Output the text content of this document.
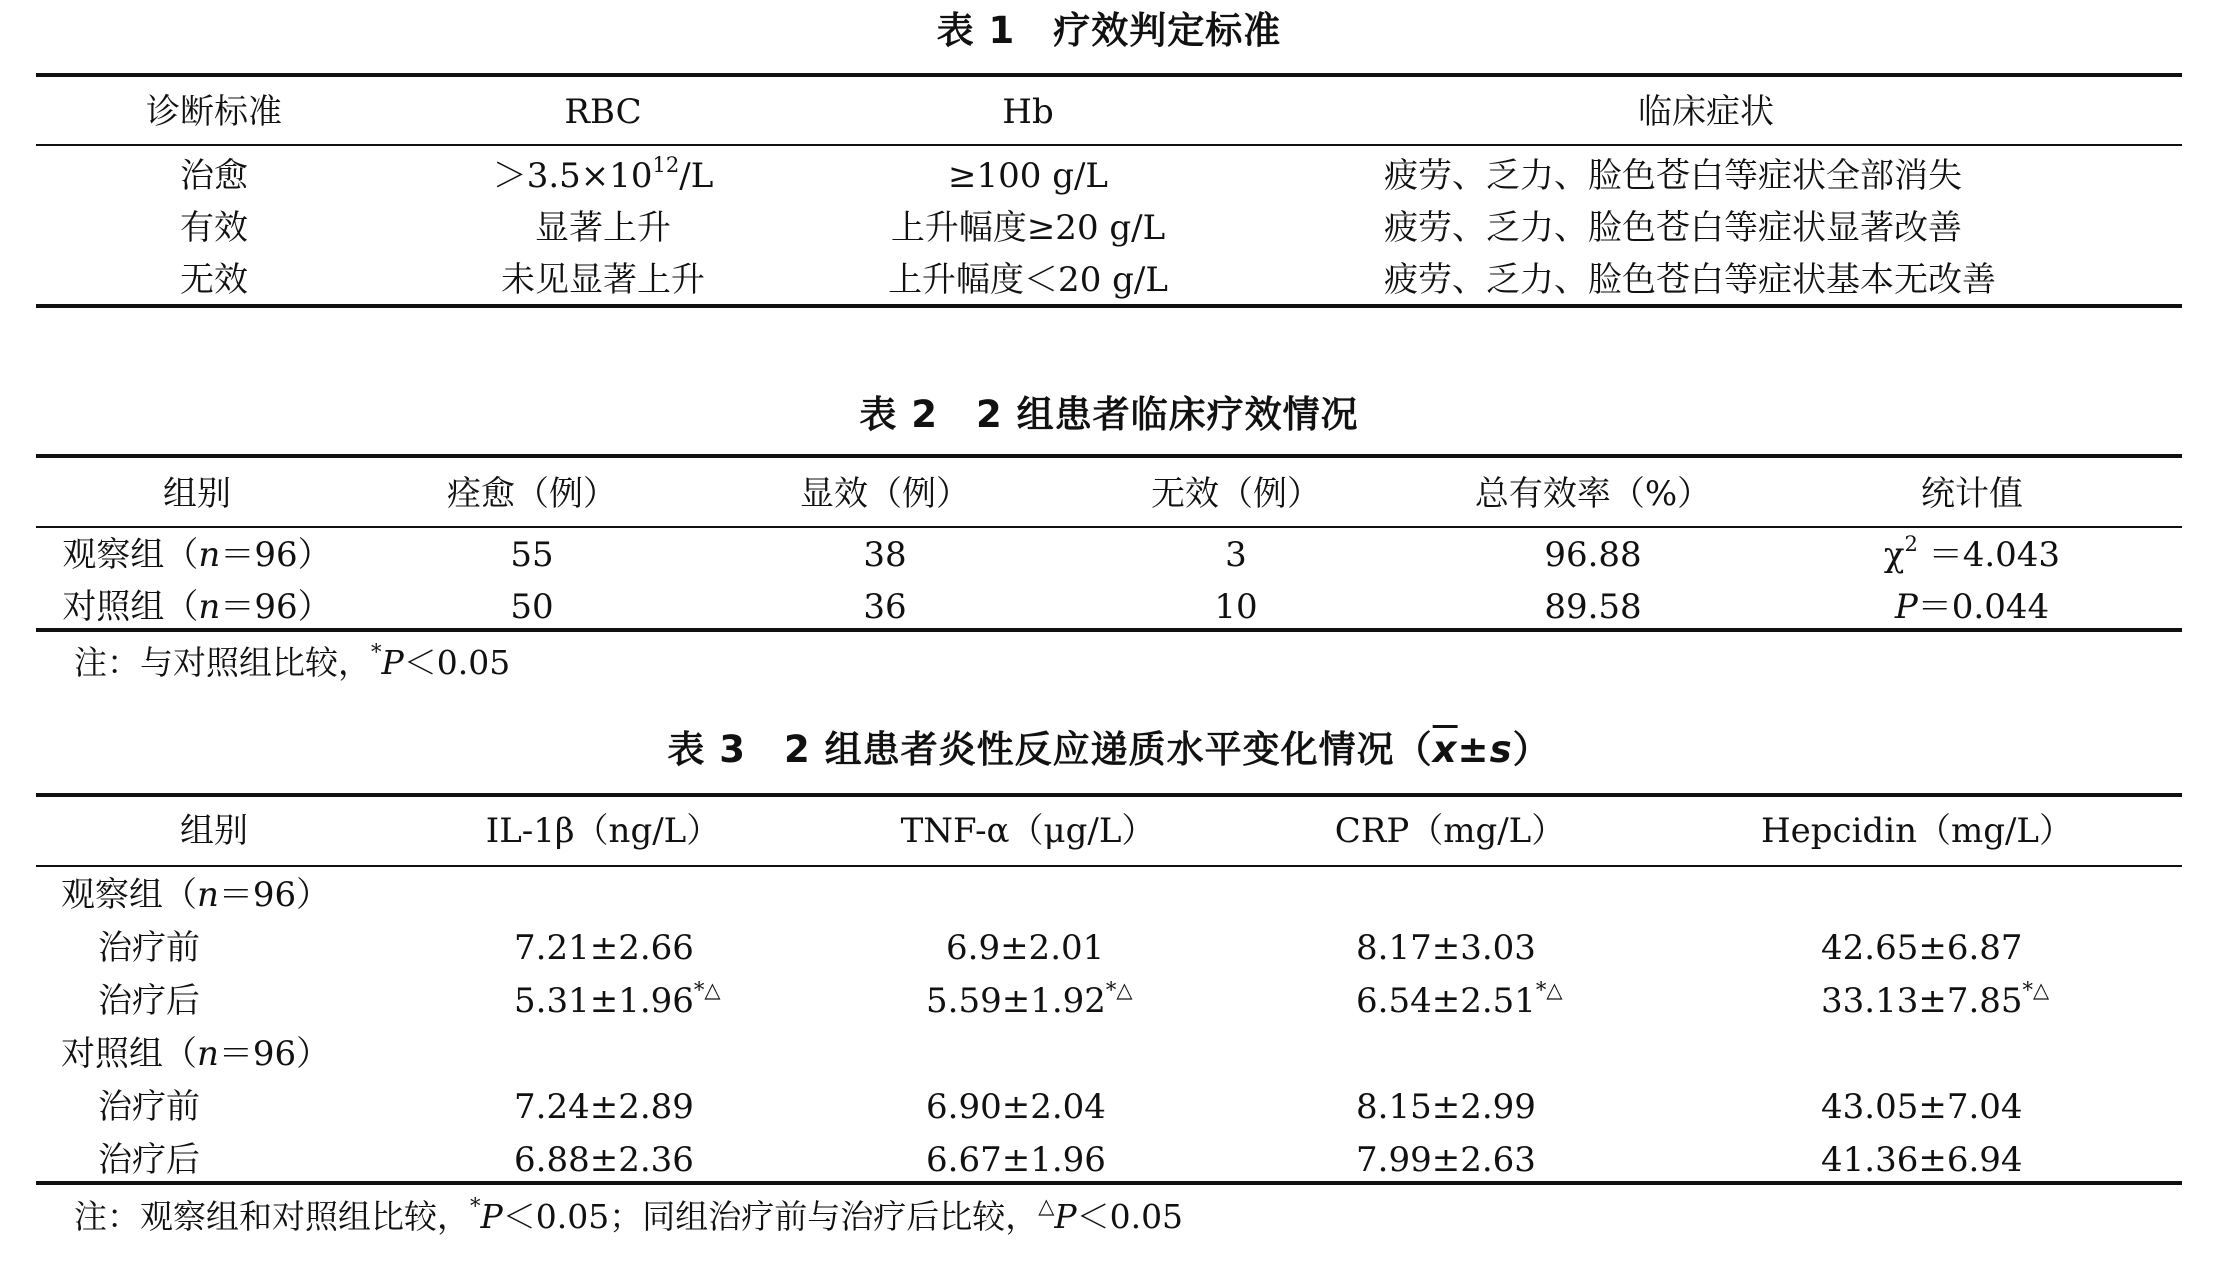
表 1　疗效判定标准
诊断标准	RBC	Hb	临床症状
治愈	$>3.5\times 10^{12}/L$	≥100 g/L	疲劳、乏力、脸色苍白等症状全部消失
有效	显著上升	上升幅度≥20 g/L	疲劳、乏力、脸色苍白等症状显著改善
无效	未见显著上升	上升幅度＜20 g/L	疲劳、乏力、脸色苍白等症状基本无改善
表 2　2 组患者临床疗效情况
组别	痊愈（例）	显效（例）	无效（例）	总有效率（%）	统计值
观察组（n＝96）	55	38	3	96.88	$\chi^2 =4.043$
对照组（n＝96）	50	36	10	89.58	P＝0.044
注：与对照组比较，*P＜0.05
表 3　2 组患者炎性反应递质水平变化情况$(\overline{x}\pm s)$
组别	IL-1β（ng/L）	TNF-α（μg/L）	CRP（mg/L）	Hepcidin（mg/L）
观察组（n＝96）
治疗前	7.21±2.66	6.9±2.01	8.17±3.03	42.65±6.87
治疗后	5.31±1.96*△	5.59±1.92*△	6.54±2.51*△	33.13±7.85*△
对照组（n＝96）
治疗前	7.24±2.89	6.90±2.04	8.15±2.99	43.05±7.04
治疗后	6.88±2.36	6.67±1.96	7.99±2.63	41.36±6.94
注：观察组和对照组比较，*P＜0.05；同组治疗前与治疗后比较，△P＜0.05
